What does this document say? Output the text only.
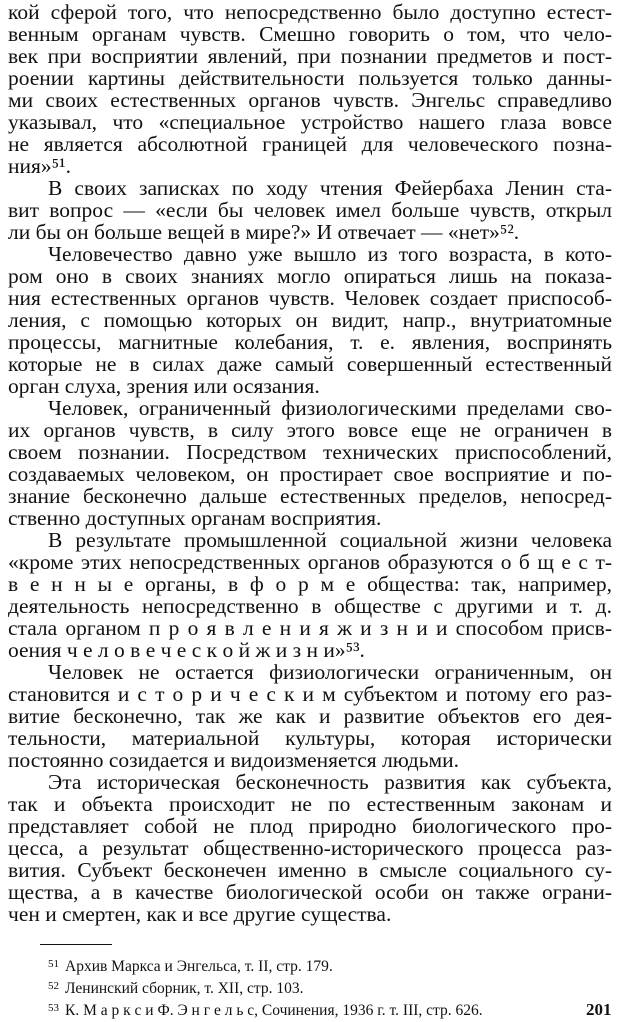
кой сферой того, что непосредственно было доступно естест-
венным органам чувств. Смешно говорить о том, что чело-
век при восприятии явлений, при познании предметов и пост-
роении картины действительности пользуется только данны-
ми своих естественных органов чувств. Энгельс справедливо
указывал, что «специальное устройство нашего глаза вовсе
не является абсолютной границей для человеческого позна-
ния»⁵¹.
В своих записках по ходу чтения Фейербаха Ленин ста-
вит вопрос — «если бы человек имел больше чувств, открыл
ли бы он больше вещей в мире?» И отвечает — «нет»⁵².
Человечество давно уже вышло из того возраста, в кото-
ром оно в своих знаниях могло опираться лишь на показа-
ния естественных органов чувств. Человек создает приспособ-
ления, с помощью которых он видит, напр., внутриатомные
процессы, магнитные колебания, т. е. явления, воспринять
которые не в силах даже самый совершенный естественный
орган слуха, зрения или осязания.
Человек, ограниченный физиологическими пределами сво-
их органов чувств, в силу этого вовсе еще не ограничен в
своем познании. Посредством технических приспособлений,
создаваемых человеком, он простирает свое восприятие и по-
знание бесконечно дальше естественных пределов, непосред-
ственно доступных органам восприятия.
В результате промышленной социальной жизни человека
«кроме этих непосредственных органов образуются о б щ е с т-
в е н н ы е органы, в ф о р м е общества: так, например,
деятельность непосредственно в обществе с другими и т. д.
стала органом п р о я в л е н и я ж и з н и и способом присв-
оения ч е л о в е ч е с к о й ж и з н и»⁵³.
Человек не остается физиологически ограниченным, он
становится и с т о р и ч е с к и м субъектом и потому его раз-
витие бесконечно, так же как и развитие объектов его дея-
тельности, материальной культуры, которая исторически
постоянно созидается и видоизменяется людьми.
Эта историческая бесконечность развития как субъекта,
так и объекта происходит не по естественным законам и
представляет собой не плод природно биологического про-
цесса, а результат общественно-исторического процесса раз-
вития. Субъект бесконечен именно в смысле социального су-
щества, а в качестве биологической особи он также ограни-
чен и смертен, как и все другие существа.
$^{51}$ Архив Маркса и Энгельса, т. II, стр. 179.
$^{52}$ Ленинский сборник, т. XII, стр. 103.
$^{53}$ К. М а р к с и Ф. Э н г е л ь с, Сочинения, 1936 г. т. III, стр. 626.	201
